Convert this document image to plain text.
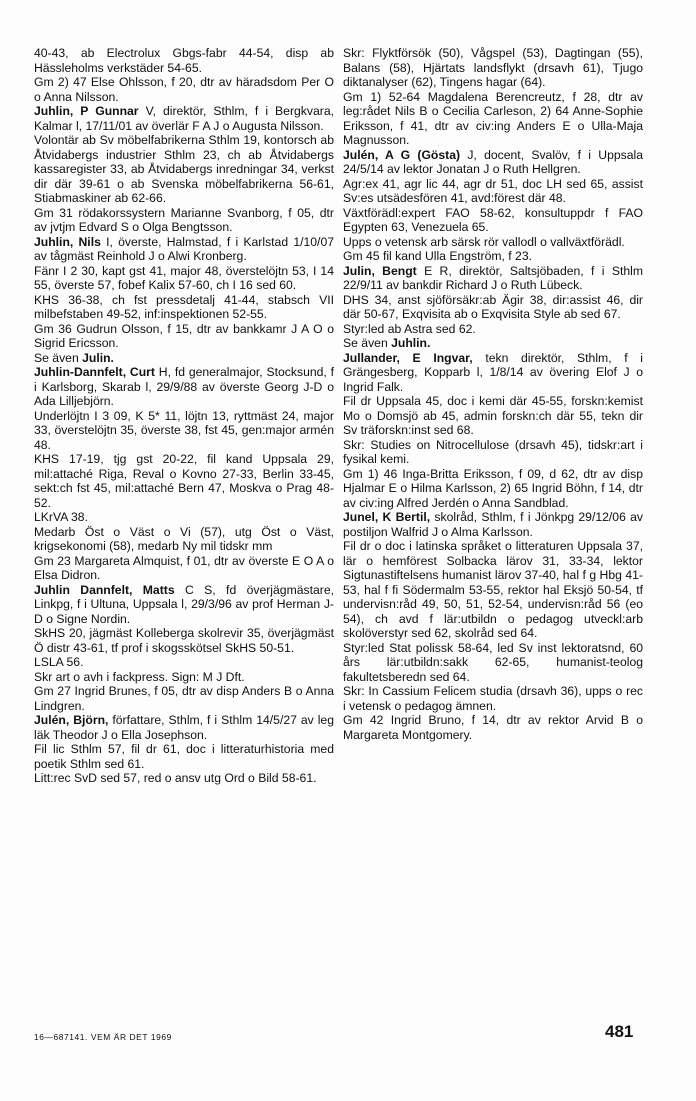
40-43, ab Electrolux Gbgs-fabr 44-54, disp ab Hässleholms verkstäder 54-65.

Gm 2) 47 Else Ohlsson, f 20, dtr av häradsdom Per O o Anna Nilsson.

Juhlin, P Gunnar V, direktör, Sthlm, f i Bergkvara, Kalmar l, 17/11/01 av överlär F A J o Augusta Nilsson.

Volontär ab Sv möbelfabrikerna Sthlm 19, kontorsch ab Åtvidabergs industrier Sthlm 23, ch ab Åtvidabergs kassaregister 33, ab Åtvidabergs inredningar 34, verkst dir där 39-61 o ab Svenska möbelfabrikerna 56-61, Stiabmaskiner ab 62-66.

Gm 31 rödakorssystern Marianne Svanborg, f 05, dtr av jvtjm Edvard S o Olga Bengtsson.

Juhlin, Nils I, överste, Halmstad, f i Karlstad 1/10/07 av tågmäst Reinhold J o Alwi Kronberg.

Fänr I 2 30, kapt gst 41, major 48, överstelöjtn 53, I 14 55, överste 57, fobef Kalix 57-60, ch I 16 sed 60.

KHS 36-38, ch fst pressdetalj 41-44, stabsch VII milbefstaben 49-52, inf:inspektionen 52-55.

Gm 36 Gudrun Olsson, f 15, dtr av bankkamr J A O o Sigrid Ericsson.

Se även Julin.

Juhlin-Dannfelt, Curt H, fd generalmajor, Stocksund, f i Karlsborg, Skarab l, 29/9/88 av överste Georg J-D o Ada Lilljebjörn.

Underlöjtn I 3 09, K 5* 11, löjtn 13, ryttmäst 24, major 33, överstelöjtn 35, överste 38, fst 45, gen:major armén 48.

KHS 17-19, tjg gst 20-22, fil kand Uppsala 29, mil:attaché Riga, Reval o Kovno 27-33, Berlin 33-45, sekt:ch fst 45, mil:attaché Bern 47, Moskva o Prag 48-52.

LKrVA 38.

Medarb Öst o Väst o Vi (57), utg Öst o Väst, krigsekonomi (58), medarb Ny mil tidskr mm

Gm 23 Margareta Almquist, f 01, dtr av överste E O A o Elsa Didron.

Juhlin Dannfelt, Matts C S, fd överjägmästare, Linkpg, f i Ultuna, Uppsala l, 29/3/96 av prof Herman J-D o Signe Nordin.

SkHS 20, jägmäst Kolleberga skolrevir 35, överjägmäst Ö distr 43-61, tf prof i skogsskötsel SkHS 50-51.

LSLA 56.

Skr art o avh i fackpress. Sign: M J Dft.

Gm 27 Ingrid Brunes, f 05, dtr av disp Anders B o Anna Lindgren.

Julén, Björn, författare, Sthlm, f i Sthlm 14/5/27 av leg läk Theodor J o Ella Josephson.

Fil lic Sthlm 57, fil dr 61, doc i litteraturhistoria med poetik Sthlm sed 61.

Litt:rec SvD sed 57, red o ansv utg Ord o Bild 58-61.

Skr: Flyktförsök (50), Vågspel (53), Dagtingan (55), Balans (58), Hjärtats landsflykt (drsavh 61), Tjugo diktanalyser (62), Tingens hagar (64).

Gm 1) 52-64 Magdalena Berencreutz, f 28, dtr av leg:rådet Nils B o Cecilia Carleson, 2) 64 Anne-Sophie Eriksson, f 41, dtr av civ:ing Anders E o Ulla-Maja Magnusson.

Julén, A G (Gösta) J, docent, Svalöv, f i Uppsala 24/5/14 av lektor Jonatan J o Ruth Hellgren.

Agr:ex 41, agr lic 44, agr dr 51, doc LH sed 65, assist Sv:es utsädesfören 41, avd:förest där 48.

Växtförädl:expert FAO 58-62, konsultuppdr f FAO Egypten 63, Venezuela 65.

Upps o vetensk arb särsk rör vallodl o vallväxtförädl.

Gm 45 fil kand Ulla Engström, f 23.

Julin, Bengt E R, direktör, Saltsjöbaden, f i Sthlm 22/9/11 av bankdir Richard J o Ruth Lübeck.

DHS 34, anst sjöförsäkr:ab Ägir 38, dir:assist 46, dir där 50-67, Exqvisita ab o Exqvisita Style ab sed 67.

Styr:led ab Astra sed 62.

Se även Juhlin.

Jullander, E Ingvar, tekn direktör, Sthlm, f i Grängesberg, Kopparb l, 1/8/14 av övering Elof J o Ingrid Falk.

Fil dr Uppsala 45, doc i kemi där 45-55, forskn:kemist Mo o Domsjö ab 45, admin forskn:ch där 55, tekn dir Sv träforskn:inst sed 68.

Skr: Studies on Nitrocellulose (drsavh 45), tidskr:art i fysikal kemi.

Gm 1) 46 Inga-Britta Eriksson, f 09, d 62, dtr av disp Hjalmar E o Hilma Karlsson, 2) 65 Ingrid Böhn, f 14, dtr av civ:ing Alfred Jerdén o Anna Sandblad.

Junel, K Bertil, skolråd, Sthlm, f i Jönkpg 29/12/06 av postiljon Walfrid J o Alma Karlsson.

Fil dr o doc i latinska språket o litteraturen Uppsala 37, lär o hemförest Solbacka lärov 31, 33-34, lektor Sigtunastiftelsens humanist lärov 37-40, hal f g Hbg 41-53, hal f fi Södermalm 53-55, rektor hal Eksjö 50-54, tf undervisn:råd 49, 50, 51, 52-54, undervisn:råd 56 (eo 54), ch avd f lär:utbildn o pedagog utveckl:arb skolöverstyr sed 62, skolråd sed 64.

Styr:led Stat polissk 58-64, led Sv inst lektoratsnd, 60 års lär:utbildn:sakk 62-65, humanist-teolog fakultetsberedn sed 64.

Skr: In Cassium Felicem studia (drsavh 36), upps o rec i vetensk o pedagog ämnen.

Gm 42 Ingrid Bruno, f 14, dtr av rektor Arvid B o Margareta Montgomery.

16—687141. VEM ÄR DET 1969	481
